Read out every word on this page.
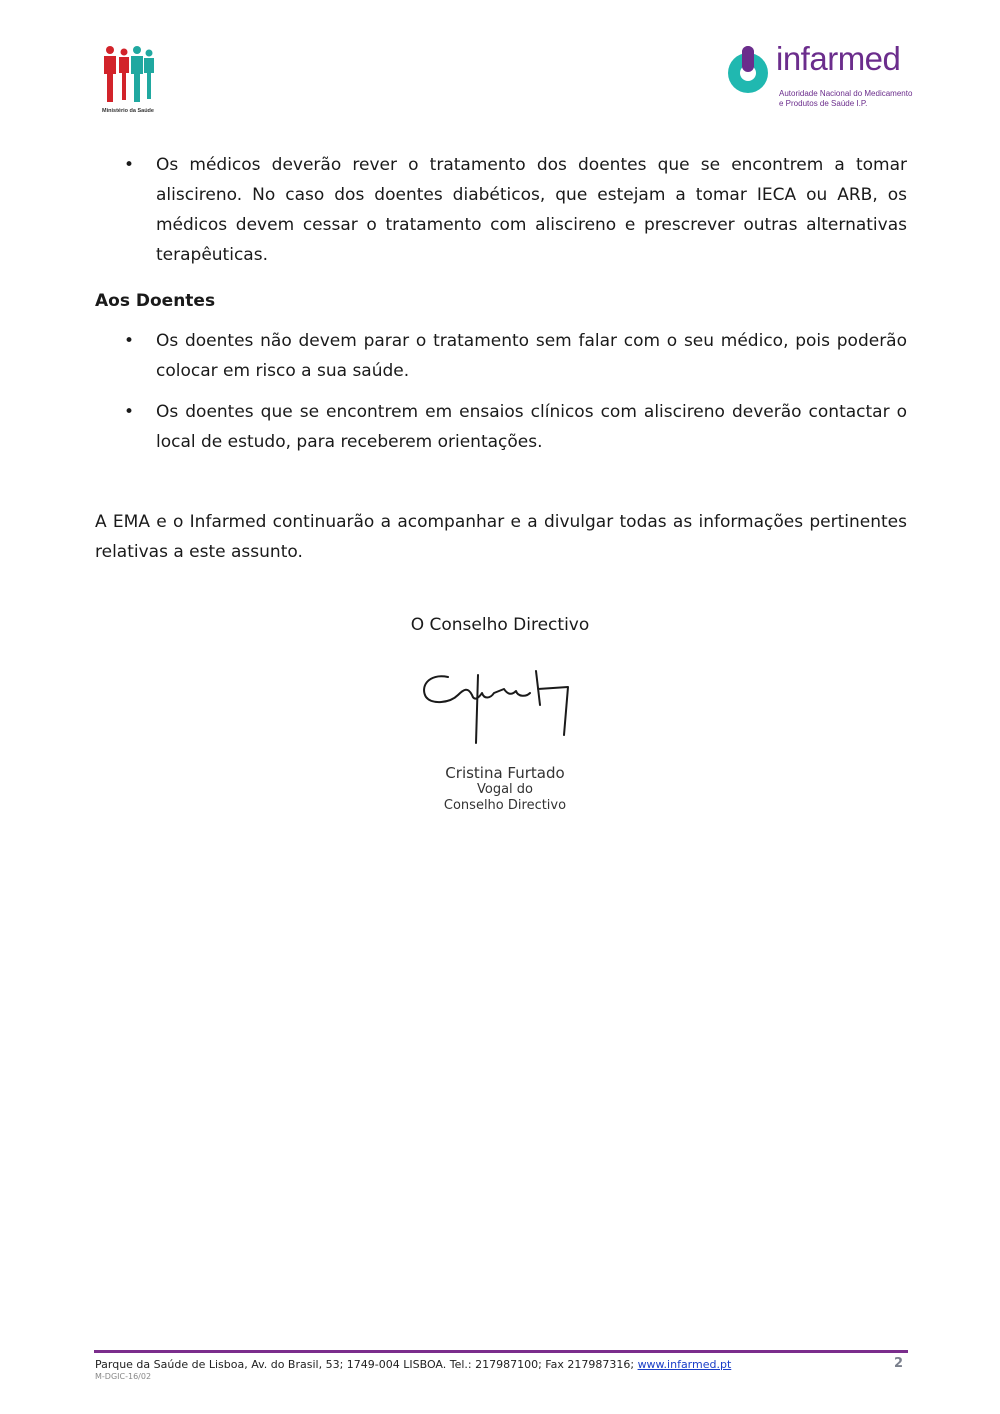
Ministério da Saúde
infarmed
Autoridade Nacional do Medicamento
e Produtos de Saúde I.P.
• Os médicos deverão rever o tratamento dos doentes que se encontrem a tomar aliscireno. No caso dos doentes diabéticos, que estejam a tomar IECA ou ARB, os médicos devem cessar o tratamento com aliscireno e prescrever outras alternativas terapêuticas.
Aos Doentes
• Os doentes não devem parar o tratamento sem falar com o seu médico, pois poderão colocar em risco a sua saúde.
• Os doentes que se encontrem em ensaios clínicos com aliscireno deverão contactar o local de estudo, para receberem orientações.
A EMA e o Infarmed continuarão a acompanhar e a divulgar todas as informações pertinentes relativas a este assunto.
O Conselho Directivo
Cristina Furtado
Vogal do
Conselho Directivo
Parque da Saúde de Lisboa, Av. do Brasil, 53; 1749-004 LISBOA. Tel.: 217987100; Fax 217987316; www.infarmed.pt
M-DGIC-16/02
2
